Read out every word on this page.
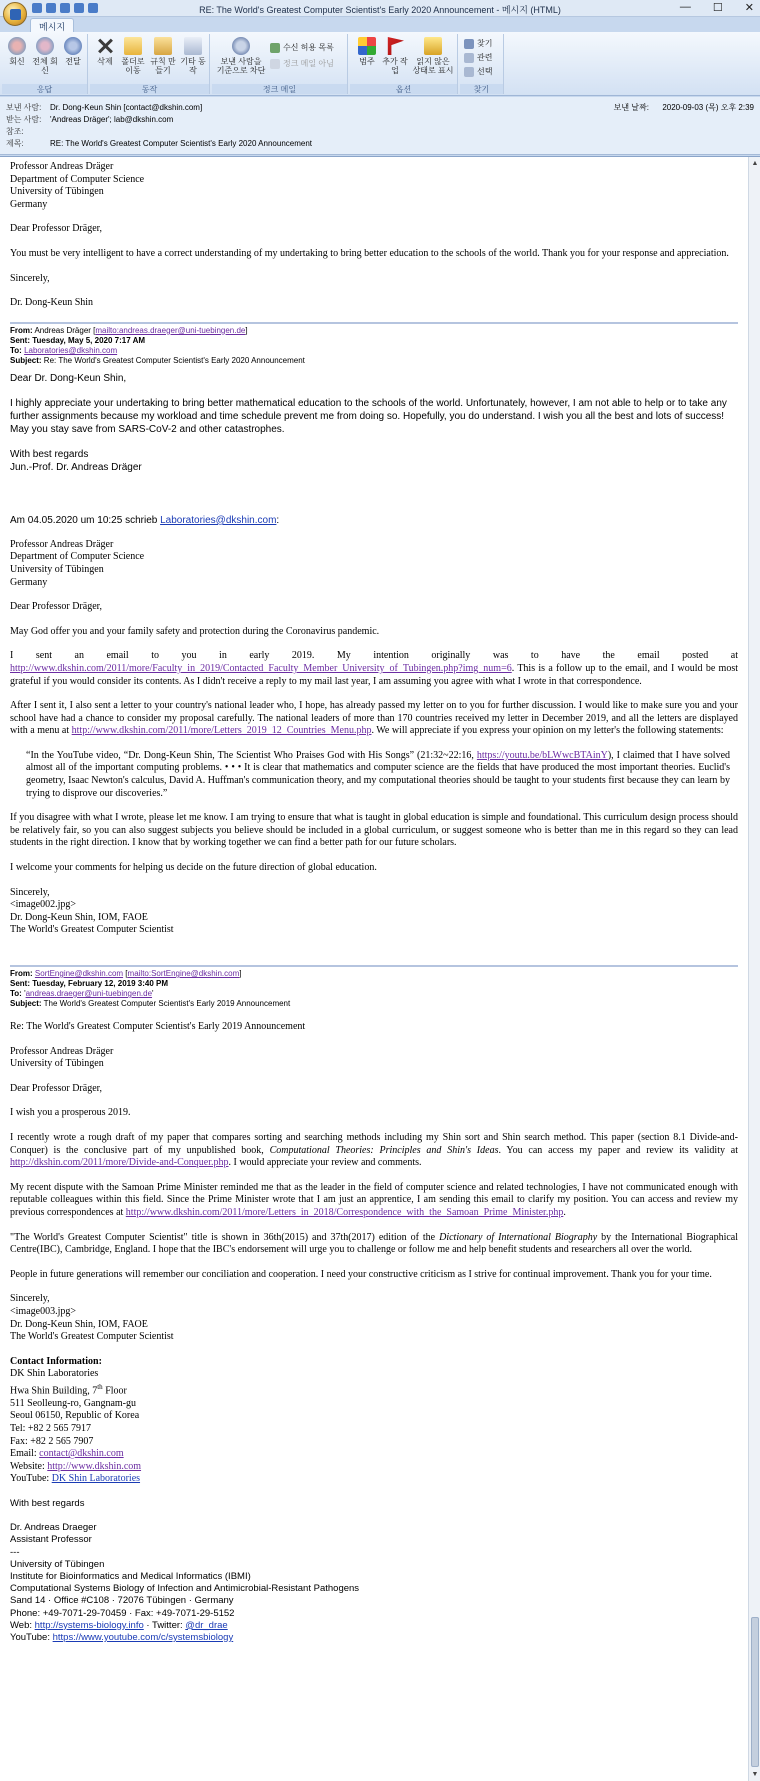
RE: The World's Greatest Computer Scientist's Early 2020 Announcement - 메시지 (HTML)	— ☐ ✕
메시지
회신 전체 회신
전달
응답
삭제	폴더로 이동
규칙 만들기
기타 동작
동작
보낸 사람을 기준으로 차단
수신 허용 목록
정크 메일 아님
정크 메일
범주 추가 작업
읽지 않은 상태로 표시
옵션
찾기
관련
선택
찾기
보낸 사람: Dr. Dong-Keun Shin [contact@dkshin.com]
받는 사람: 'Andreas Dräger'; lab@dkshin.com
참조:
제목:	RE: The World's Greatest Computer Scientist's Early 2020 Announcement
보낸 날짜: 2020-09-03 (목) 오후 2:39
Professor Andreas Dräger
Department of Computer Science
University of Tübingen
Germany
Dear Professor Dräger,
You must be very intelligent to have a correct understanding of my undertaking to bring better education to the schools of the world. Thank you for your response and appreciation.
Sincerely,
Dr. Dong-Keun Shin
From: Andreas Dräger [mailto:andreas.draeger@uni-tuebingen.de]
Sent: Tuesday, May 5, 2020 7:17 AM
To: Laboratories@dkshin.com
Subject: Re: The World's Greatest Computer Scientist's Early 2020 Announcement
Dear Dr. Dong-Keun Shin,
I highly appreciate your undertaking to bring better mathematical education to the schools of the world. Unfortunately, however, I am not able to help or to take any further assignments because my workload and time schedule prevent me from doing so. Hopefully, you do understand. I wish you all the best and lots of success! May you stay save from SARS-CoV-2 and other catastrophes.
With best regards
Jun.-Prof. Dr. Andreas Dräger
Am 04.05.2020 um 10:25 schrieb Laboratories@dkshin.com:
Professor Andreas Dräger
Department of Computer Science
University of Tübingen
Germany
Dear Professor Dräger,
May God offer you and your family safety and protection during the Coronavirus pandemic.
I sent an email to you in early 2019. My intention originally was to have the email posted at http://www.dkshin.com/2011/more/Faculty_in_2019/Contacted_Faculty_Member_University_of_Tubingen.php?img_num=6. This is a follow up to the email, and I would be most grateful if you would consider its contents. As I didn't receive a reply to my mail last year, I am assuming you agree with what I wrote in that correspondence.
After I sent it, I also sent a letter to your country's national leader who, I hope, has already passed my letter on to you for further discussion. I would like to make sure you and your school have had a chance to consider my proposal carefully. The national leaders of more than 170 countries received my letter in December 2019, and all the letters are displayed with a menu at http://www.dkshin.com/2011/more/Letters_2019_12_Countries_Menu.php. We will appreciate if you express your opinion on my letter's the following statements:
“In the YouTube video, “Dr. Dong-Keun Shin, The Scientist Who Praises God with His Songs” (21:32~22:16, https://youtu.be/bLWwcBTAinY), I claimed that I have solved almost all of the important computing problems. • • • It is clear that mathematics and computer science are the fields that have produced the most important theories. Euclid's geometry, Isaac Newton's calculus, David A. Huffman's communication theory, and my computational theories should be taught to your students first because they can learn by trying to disprove our discoveries.”
If you disagree with what I wrote, please let me know. I am trying to ensure that what is taught in global education is simple and foundational. This curriculum design process should be relatively fair, so you can also suggest subjects you believe should be included in a global curriculum, or suggest someone who is better than me in this regard so they can lead students in the right direction. I know that by working together we can find a better path for our future scholars.
I welcome your comments for helping us decide on the future direction of global education.
Sincerely,
<image002.jpg>
Dr. Dong-Keun Shin, IOM, FAOE
The World's Greatest Computer Scientist
From: SortEngine@dkshin.com [mailto:SortEngine@dkshin.com]
Sent: Tuesday, February 12, 2019 3:40 PM
To: 'andreas.draeger@uni-tuebingen.de'
Subject: The World's Greatest Computer Scientist's Early 2019 Announcement
Re: The World's Greatest Computer Scientist's Early 2019 Announcement
Professor Andreas Dräger
University of Tübingen
Dear Professor Dräger,
I wish you a prosperous 2019.
I recently wrote a rough draft of my paper that compares sorting and searching methods including my Shin sort and Shin search method. This paper (section 8.1 Divide-and-Conquer) is the conclusive part of my unpublished book, Computational Theories: Principles and Shin's Ideas. You can access my paper and review its validity at http://dkshin.com/2011/more/Divide-and-Conquer.php. I would appreciate your review and comments.
My recent dispute with the Samoan Prime Minister reminded me that as the leader in the field of computer science and related technologies, I have not communicated enough with reputable colleagues within this field. Since the Prime Minister wrote that I am just an apprentice, I am sending this email to clarify my position. You can access and review my previous correspondences at http://www.dkshin.com/2011/more/Letters_in_2018/Correspondence_with_the_Samoan_Prime_Minister.php.
"The World's Greatest Computer Scientist" title is shown in 36th(2015) and 37th(2017) edition of the Dictionary of International Biography by the International Biographical Centre(IBC), Cambridge, England. I hope that the IBC's endorsement will urge you to challenge or follow me and help benefit students and researchers all over the world.
People in future generations will remember our conciliation and cooperation. I need your constructive criticism as I strive for continual improvement. Thank you for your time.
Sincerely,
<image003.jpg>
Dr. Dong-Keun Shin, IOM, FAOE
The World's Greatest Computer Scientist
Contact Information:
DK Shin Laboratories
Hwa Shin Building, 7th Floor
511 Seolleung-ro, Gangnam-gu
Seoul 06150, Republic of Korea
Tel: +82 2 565 7917
Fax: +82 2 565 7907
Email: contact@dkshin.com
Website: http://www.dkshin.com
YouTube: DK Shin Laboratories
With best regards
Dr. Andreas Draeger
Assistant Professor
---
University of Tübingen
Institute for Bioinformatics and Medical Informatics (IBMI)
Computational Systems Biology of Infection and Antimicrobial-Resistant Pathogens
Sand 14 · Office #C108 · 72076 Tübingen · Germany
Phone: +49-7071-29-70459 · Fax: +49-7071-29-5152
Web: http://systems-biology.info · Twitter: @dr_drae
YouTube: https://www.youtube.com/c/systemsbiology
▲
▼
